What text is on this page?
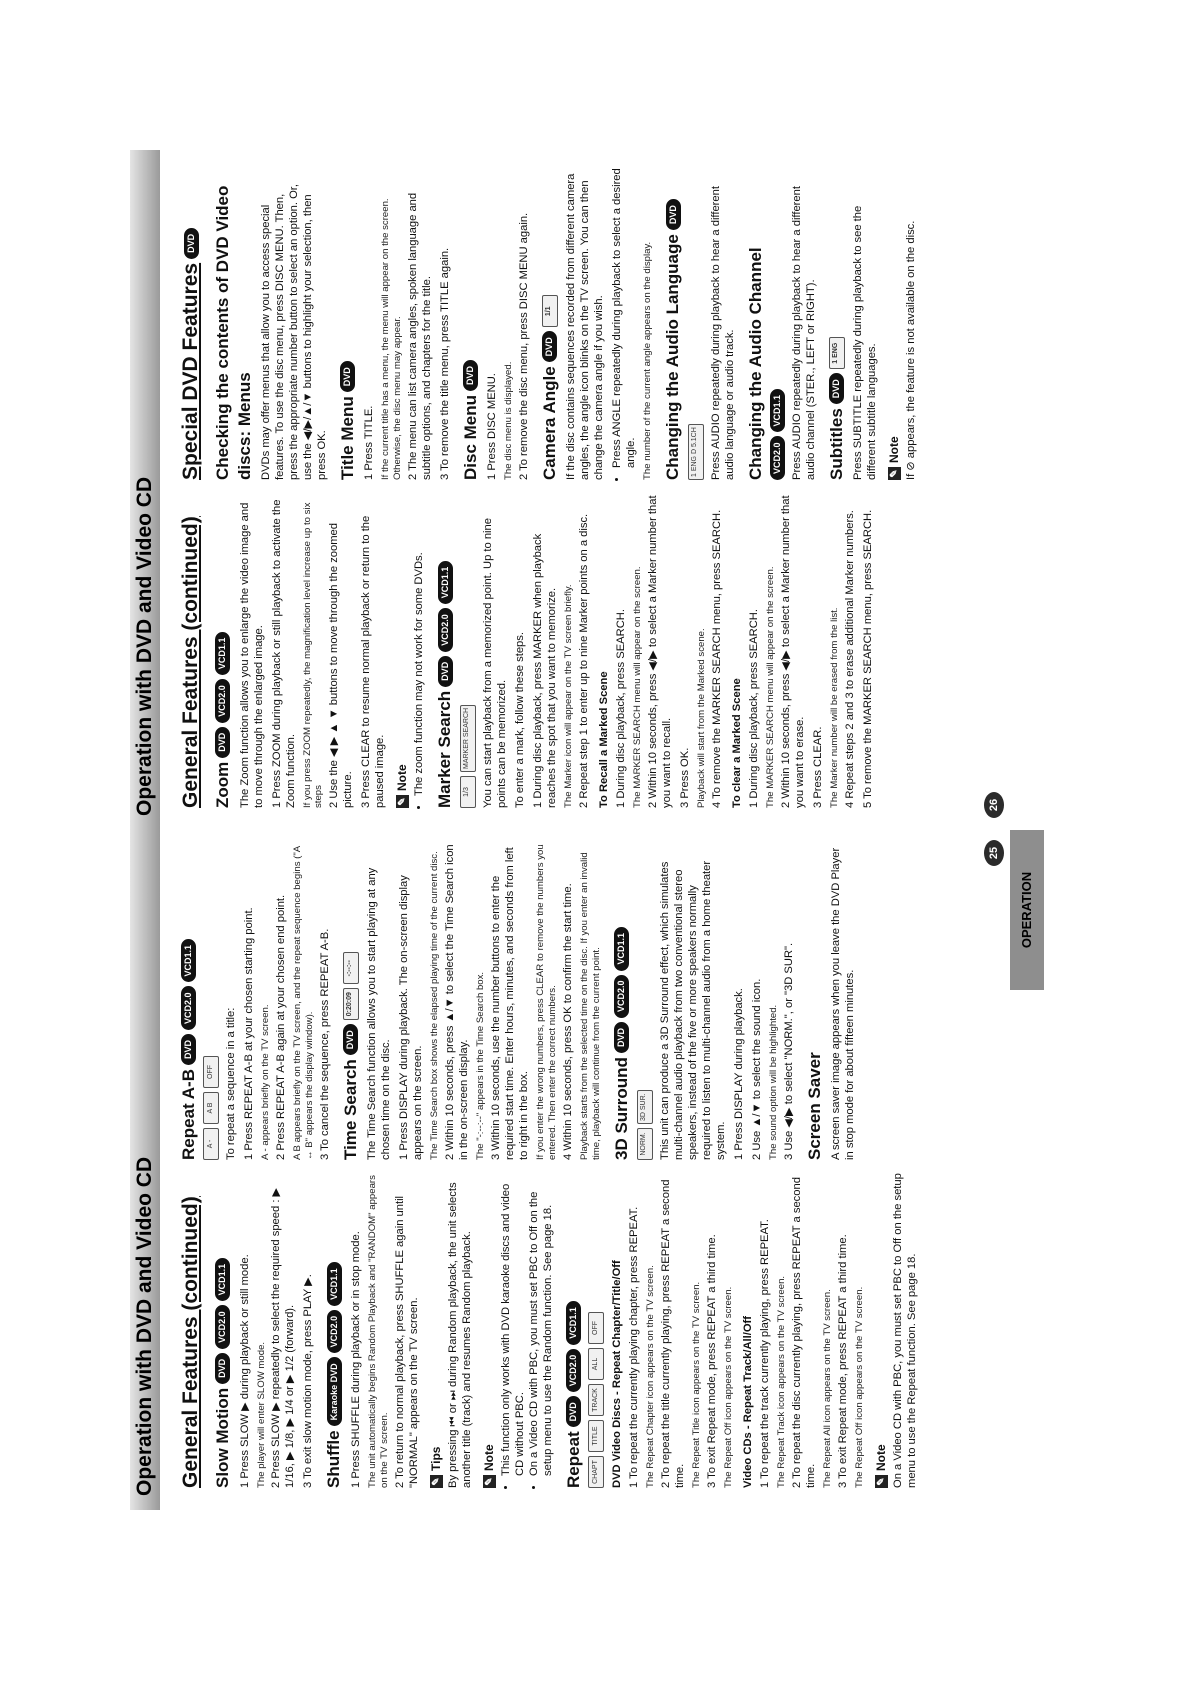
Operation with DVD and Video CD General Features (continued) Slow Motion
DVD
VCD2.0
VCD1.1 1 Press SLOW ▶ during playback or still mode. The player will enter SLOW mode. 2 Press SLOW ▶ repeatedly to select the required speed : ▶ 1/16, ▶ 1/8, ▶ 1/4 or ▶ 1/2 (forward). 3 To exit slow motion mode, press PLAY ▶. Shuffle
Karaoke DVD
VCD2.0
VCD1.1 1 Press SHUFFLE during playback or in stop mode. The unit automatically begins Random Playback and "RANDOM" appears on the TV screen. 2 To return to normal playback, press SHUFFLE again until "NORMAL" appears on the TV screen. ✎
Tips By pressing ⏮ or ⏭ during Random playback, the unit selects another title (track) and resumes Random playback. ✎
Note • This function only works with DVD karaoke discs and video CD without PBC. • On a Video CD with PBC, you must set PBC to Off on the setup menu to use the Random function. See page 18. Repeat
DVD
VCD2.0
VCD1.1
CHAPT
TITLE
TRACK
ALL
OFF	DVD Video Discs - Repeat Chapter/Title/Off 1 To repeat the currently playing chapter, press REPEAT. The Repeat Chapter icon appears on the TV screen. 2 To repeat the title currently playing, press REPEAT a second time. The Repeat Title icon appears on the TV screen. 3 To exit Repeat mode, press REPEAT a third time. The Repeat Off icon appears on the TV screen. Video CDs - Repeat Track/All/Off 1 To repeat the track currently playing, press REPEAT. The Repeat Track icon appears on the TV screen. 2 To repeat the disc currently playing, press REPEAT a second time. The Repeat All icon appears on the TV screen. 3 To exit Repeat mode, press REPEAT a third time. The Repeat Off icon appears on the TV screen. ✎
Note On a Video CD with PBC, you must set PBC to Off on the setup menu to use the Repeat function. See page 18.

Repeat A-B
DVD
VCD2.0
VCD1.1
A -
A B
OFF	To repeat a sequence in a title: 1 Press REPEAT A-B at your chosen starting point. A - appears briefly on the TV screen. 2 Press REPEAT A-B again at your chosen end point. A B appears briefly on the TV screen, and the repeat sequence begins ("A ↔ B" appears the display window). 3 To cancel the sequence, press REPEAT A-B. Time Search
DVD
0:20:09
-:--:--	The Time Search function allows you to start playing at any chosen time on the disc. 1 Press DISPLAY during playback. The on-screen display appears on the screen. The Time Search box shows the elapsed playing time of the current disc. 2 Within 10 seconds, press ▲/▼ to select the Time Search icon in the on-screen display. The "-:--:--" appears in the Time Search box. 3 Within 10 seconds, use the number buttons to enter the required start time. Enter hours, minutes, and seconds from left to right in the box. If you enter the wrong numbers, press CLEAR to remove the numbers you entered. Then enter the correct numbers. 4 Within 10 seconds, press OK to confirm the start time. Playback starts from the selected time on the disc. If you enter an invalid time, playback will continue from the current point. 3D Surround
DVD
VCD2.0
VCD1.1
NORM.
3D SUR.	This unit can produce a 3D Surround effect, which simulates multi-channel audio playback from two conventional stereo speakers, instead of the five or more speakers normally required to listen to multi-channel audio from a home theater system. 1 Press DISPLAY during playback. 2 Use ▲/▼ to select the sound icon. The sound option will be highlighted. 3 Use ◀/▶ to select "NORM.", or "3D SUR". Screen Saver A screen saver image appears when you leave the DVD Player in stop mode for about fifteen minutes.

OPERATION
25
Operation with DVD and Video CD General Features (continued) Zoom
DVD
VCD2.0
VCD1.1 The Zoom function allows you to enlarge the video image and to move through the enlarged image. 1 Press ZOOM during playback or still playback to activate the Zoom function. If you press ZOOM repeatedly, the magnification level increase up to six steps 2 Use the ◀ ▶ ▲ ▼ buttons to move through the zoomed picture. 3 Press CLEAR to resume normal playback or return to the paused image. ✎
Note • The zoom function may not work for some DVDs. Marker Search
DVD
VCD2.0
VCD1.1
1/3
MARKER SEARCH	You can start playback from a memorized point. Up to nine points can be memorized. To enter a mark, follow these steps. 1 During disc playback, press MARKER when playback reaches the spot that you want to memorize. The Marker icon will appear on the TV screen briefly. 2 Repeat step 1 to enter up to nine Marker points on a disc. To Recall a Marked Scene 1 During disc playback, press SEARCH. The MARKER SEARCH menu will appear on the screen. 2 Within 10 seconds, press ◀/▶ to select a Marker number that you want to recall. 3 Press OK. Playback will start from the Marked scene. 4 To remove the MARKER SEARCH menu, press SEARCH. To clear a Marked Scene 1 During disc playback, press SEARCH. The MARKER SEARCH menu will appear on the screen. 2 Within 10 seconds, press ◀/▶ to select a Marker number that you want to erase. 3 Press CLEAR. The Marker number will be erased from the list. 4 Repeat steps 2 and 3 to erase additional Marker numbers. 5 To remove the MARKER SEARCH menu, press SEARCH.

Special DVD Features
DVD Checking the contents of DVD Video discs: Menus DVDs may offer menus that allow you to access special features. To use the disc menu, press DISC MENU. Then, press the appropriate number button to select an option. Or, use the ◀/▶/▲/▼ buttons to highlight your selection, then press OK. Title Menu
DVD

1 Press TITLE. If the current title has a menu, the menu will appear on the screen. Otherwise, the disc menu may appear. 2 The menu can list camera angles, spoken language and subtitle options, and chapters for the title. 3 To remove the title menu, press TITLE again. Disc Menu
DVD 1 Press DISC MENU. The disc menu is displayed. 2 To remove the disc menu, press DISC MENU again. Camera Angle
DVD
1/1	If the disc contains sequences recorded from different camera angles, the angle icon blinks on the TV screen. You can then change the camera angle if you wish. • Press ANGLE repeatedly during playback to select a desired angle. The number of the current angle appears on the display. Changing the Audio Language
DVD
1 ENG D 5.1CH	Press AUDIO repeatedly during playback to hear a different audio language or audio track. Changing the Audio Channel VCD2.0
VCD1.1 Press AUDIO repeatedly during playback to hear a different audio channel (STER., LEFT or RIGHT). Subtitles
DVD
1 ENG	Press SUBTITLE repeatedly during playback to see the different subtitle languages. ✎
Note If ⊘ appears, the feature is not available on the disc.

26
